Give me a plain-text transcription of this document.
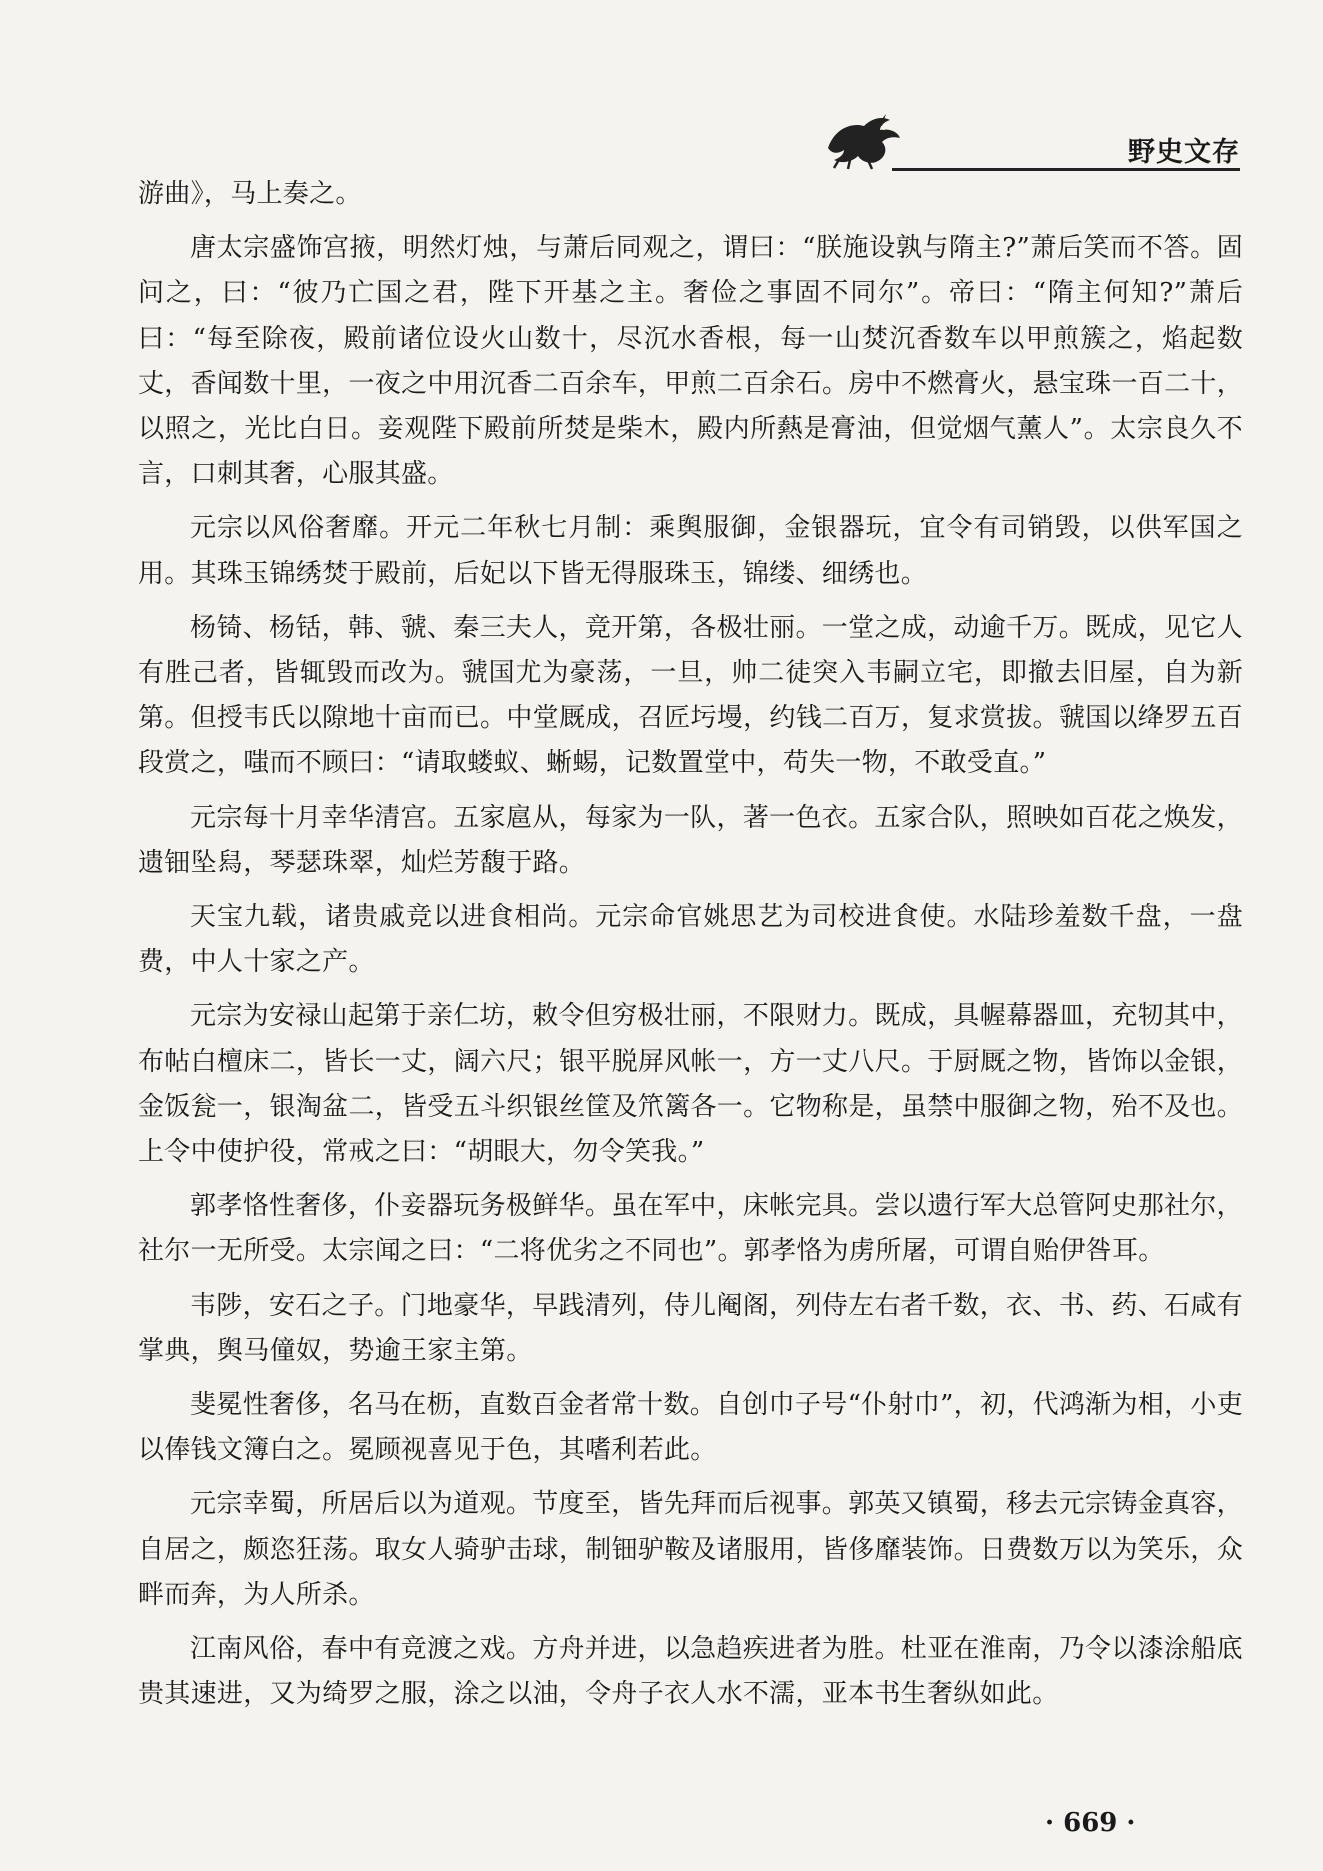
野史文存

游曲》，马上奏之。

唐太宗盛饰宫掖，明然灯烛，与萧后同观之，谓曰：“朕施设孰与隋主?”萧后笑而不答。固问之，曰：“彼乃亡国之君，陛下开基之主。奢俭之事固不同尔”。帝曰：“隋主何知?”萧后曰：“每至除夜，殿前诸位设火山数十，尽沉水香根，每一山焚沉香数车以甲煎簇之，焰起数丈，香闻数十里，一夜之中用沉香二百余车，甲煎二百余石。房中不燃膏火，悬宝珠一百二十，以照之，光比白日。妾观陛下殿前所焚是柴木，殿内所爇是膏油，但觉烟气薰人”。太宗良久不言，口刺其奢，心服其盛。

元宗以风俗奢靡。开元二年秋七月制：乘舆服御，金银器玩，宜令有司销毁，以供军国之用。其珠玉锦绣焚于殿前，后妃以下皆无得服珠玉，锦缕、细绣也。

杨锜、杨铦，韩、虢、秦三夫人，竞开第，各极壮丽。一堂之成，动逾千万。既成，见它人有胜己者，皆辄毁而改为。虢国尤为豪荡，一旦，帅二徒突入韦嗣立宅，即撤去旧屋，自为新第。但授韦氏以隙地十亩而已。中堂厩成，召匠圬墁，约钱二百万，复求赏拔。虢国以绛罗五百段赏之，嗤而不顾曰：“请取蝼蚁、蜥蜴，记数置堂中，苟失一物，不敢受直。”

元宗每十月幸华清宫。五家扈从，每家为一队，著一色衣。五家合队，照映如百花之焕发，遗钿坠舄，琴瑟珠翠，灿烂芳馥于路。

天宝九载，诸贵戚竞以进食相尚。元宗命官姚思艺为司校进食使。水陆珍羞数千盘，一盘费，中人十家之产。

元宗为安禄山起第于亲仁坊，敕令但穷极壮丽，不限财力。既成，具幄幕器皿，充牣其中，布帖白檀床二，皆长一丈，阔六尺；银平脱屏风帐一，方一丈八尺。于厨厩之物，皆饰以金银，金饭瓮一，银淘盆二，皆受五斗织银丝筐及笊篱各一。它物称是，虽禁中服御之物，殆不及也。上令中使护役，常戒之曰：“胡眼大，勿令笑我。”

郭孝恪性奢侈，仆妾器玩务极鲜华。虽在军中，床帐完具。尝以遗行军大总管阿史那社尔，社尔一无所受。太宗闻之曰：“二将优劣之不同也”。郭孝恪为虏所屠，可谓自贻伊咎耳。

韦陟，安石之子。门地豪华，早践清列，侍儿阉阁，列侍左右者千数，衣、书、药、石咸有掌典，舆马僮奴，势逾王家主第。

斐冕性奢侈，名马在枥，直数百金者常十数。自创巾子号“仆射巾”，初，代鸿渐为相，小吏以俸钱文簿白之。冕顾视喜见于色，其嗜利若此。

元宗幸蜀，所居后以为道观。节度至，皆先拜而后视事。郭英又镇蜀，移去元宗铸金真容，自居之，颇恣狂荡。取女人骑驴击球，制钿驴鞍及诸服用，皆侈靡装饰。日费数万以为笑乐，众畔而奔，为人所杀。

江南风俗，春中有竞渡之戏。方舟并进，以急趋疾进者为胜。杜亚在淮南，乃令以漆涂船底贵其速进，又为绮罗之服，涂之以油，令舟子衣人水不濡，亚本书生奢纵如此。

· 669 ·
